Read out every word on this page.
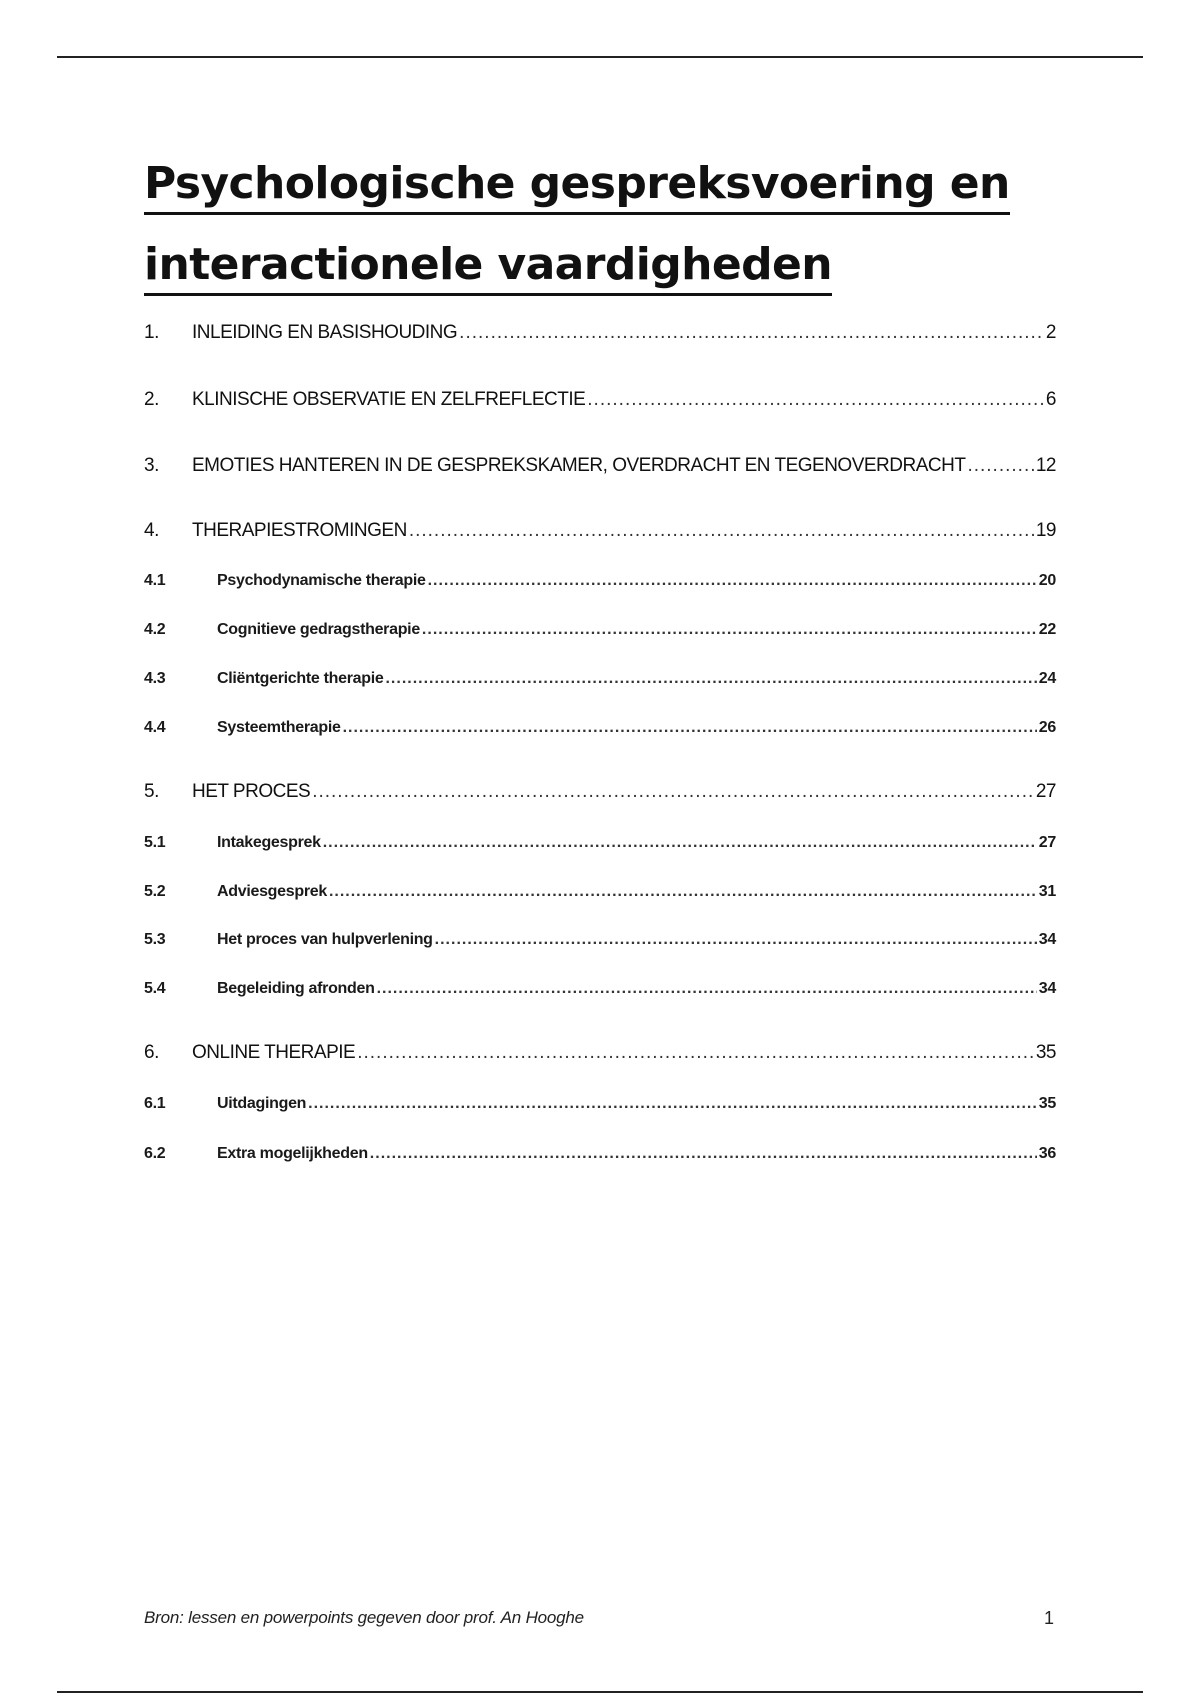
Psychologische gespreksvoering en
interactionele vaardigheden
1.	INLEIDING EN BASISHOUDING .....	2
2.	KLINISCHE OBSERVATIE EN ZELFREFLECTIE .....	6
3.	EMOTIES HANTEREN IN DE GESPREKSKAMER, OVERDRACHT EN TEGENOVERDRACHT .....	12
4.	THERAPIESTROMINGEN .....	19
4.1	Psychodynamische therapie .....	20
4.2	Cognitieve gedragstherapie .....	22
4.3	Cliëntgerichte therapie .....	24
4.4	Systeemtherapie .....	26
5.	HET PROCES .....	27
5.1	Intakegesprek .....	27
5.2	Adviesgesprek .....	31
5.3	Het proces van hulpverlening .....	34
5.4	Begeleiding afronden .....	34
6.	ONLINE THERAPIE .....	35
6.1	Uitdagingen .....	35
6.2	Extra mogelijkheden .....	36
Bron: lessen en powerpoints gegeven door prof. An Hooghe	1
